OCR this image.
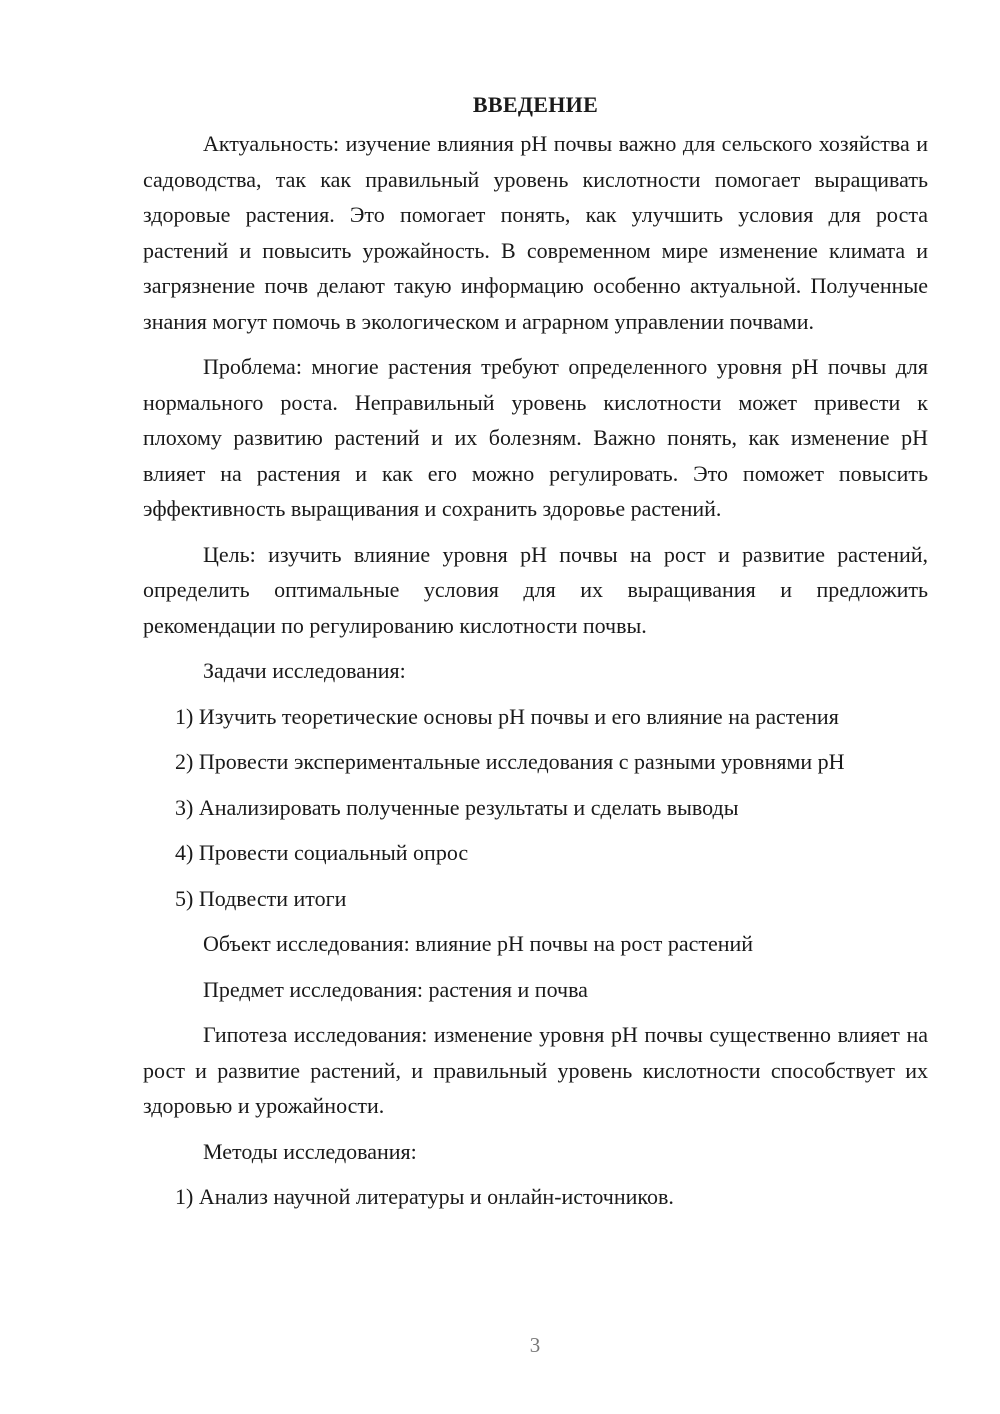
ВВЕДЕНИЕ

Актуальность: изучение влияния pH почвы важно для сельского хозяйства и садоводства, так как правильный уровень кислотности помогает выращивать здоровые растения. Это помогает понять, как улучшить условия для роста растений и повысить урожайность. В современном мире изменение климата и загрязнение почв делают такую информацию особенно актуальной. Полученные знания могут помочь в экологическом и аграрном управлении почвами.

Проблема: многие растения требуют определенного уровня pH почвы для нормального роста. Неправильный уровень кислотности может привести к плохому развитию растений и их болезням. Важно понять, как изменение pH влияет на растения и как его можно регулировать. Это поможет повысить эффективность выращивания и сохранить здоровье растений.

Цель: изучить влияние уровня pH почвы на рост и развитие растений, определить оптимальные условия для их выращивания и предложить рекомендации по регулированию кислотности почвы.

Задачи исследования:

1) Изучить теоретические основы pH почвы и его влияние на растения

2) Провести экспериментальные исследования с разными уровнями pH

3) Анализировать полученные результаты и сделать выводы

4) Провести социальный опрос

5) Подвести итоги

Объект исследования: влияние pH почвы на рост растений

Предмет исследования: растения и почва

Гипотеза исследования: изменение уровня pH почвы существенно влияет на рост и развитие растений, и правильный уровень кислотности способствует их здоровью и урожайности.

Методы исследования:

1) Анализ научной литературы и онлайн-источников.

3
